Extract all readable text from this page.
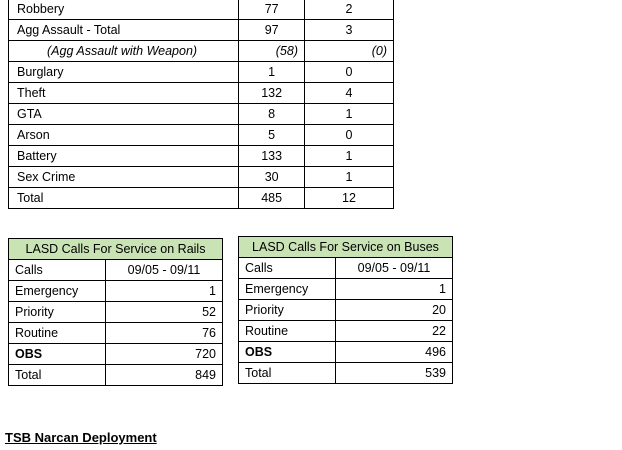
Robbery	77	2
Agg Assault - Total	97	3
(Agg Assault with Weapon)	(58)	(0)
Burglary	1	0
Theft	132	4
GTA	8	1
Arson	5	0
Battery	133	1
Sex Crime	30	1
Total	485	12
LASD Calls For Service on Rails	
Calls	09/05 - 09/11
Emergency	1
Priority	52
Routine	76
OBS	720
Total	849
LASD Calls For Service on Buses	
Calls	09/05 - 09/11
Emergency	1
Priority	20
Routine	22
OBS	496
Total	539
TSB Narcan Deployment
